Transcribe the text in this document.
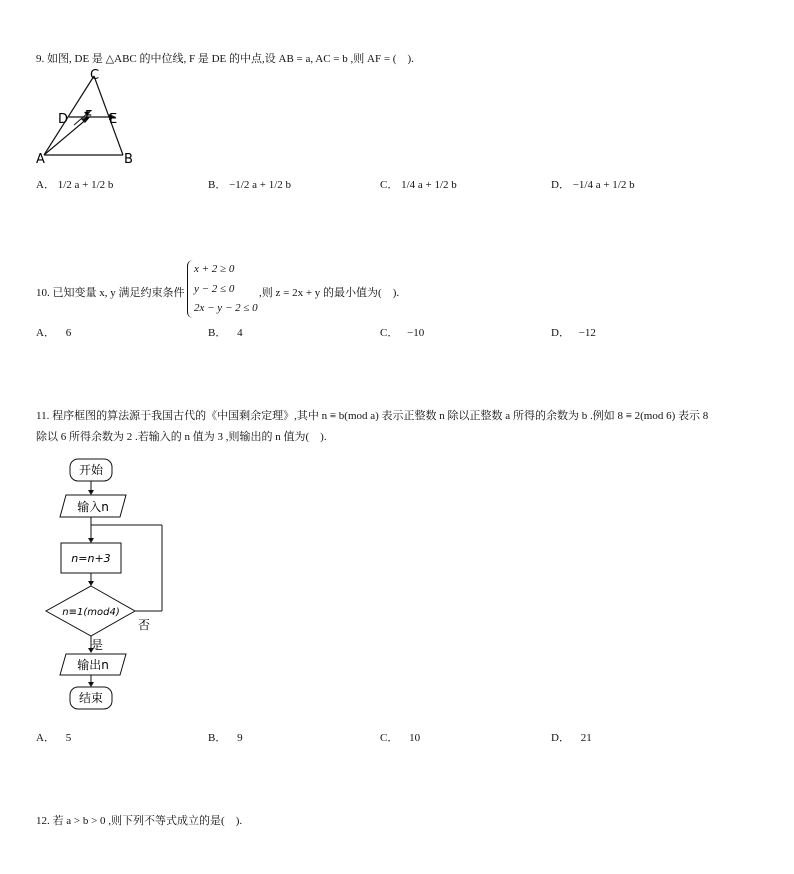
9. 如图, DE 是 △ABC 的中位线, F 是 DE 的中点,设 AB = a, AC = b ,则 AF = (　).
C
D F E
A	B
A． 1/2 a + 1/2 b	B． −1/2 a + 1/2 b	C． 1/4 a + 1/2 b	D． −1/4 a + 1/2 b
10. 已知变量 x, y 满足约束条件
x + 2 ≥ 0
y − 2 ≤ 0
2x − y − 2 ≤ 0
,则 z = 2x + y 的最小值为(　).
A． 6	B． 4	C． −10	D． −12
11. 程序框图的算法源于我国古代的《中国剩余定理》,其中 n ≡ b(mod a) 表示正整数 n 除以正整数 a 所得的余数为 b .例如 8 ≡ 2(mod 6) 表示 8
除以 6 所得余数为 2 .若输入的 n 值为 3 ,则输出的 n 值为(　).
开始
输入n
n=n+3
n≡1(mod4)
否
是
输出n
结束
A． 5	B． 9	C． 10	D． 21
12. 若 a > b > 0 ,则下列不等式成立的是(　).
